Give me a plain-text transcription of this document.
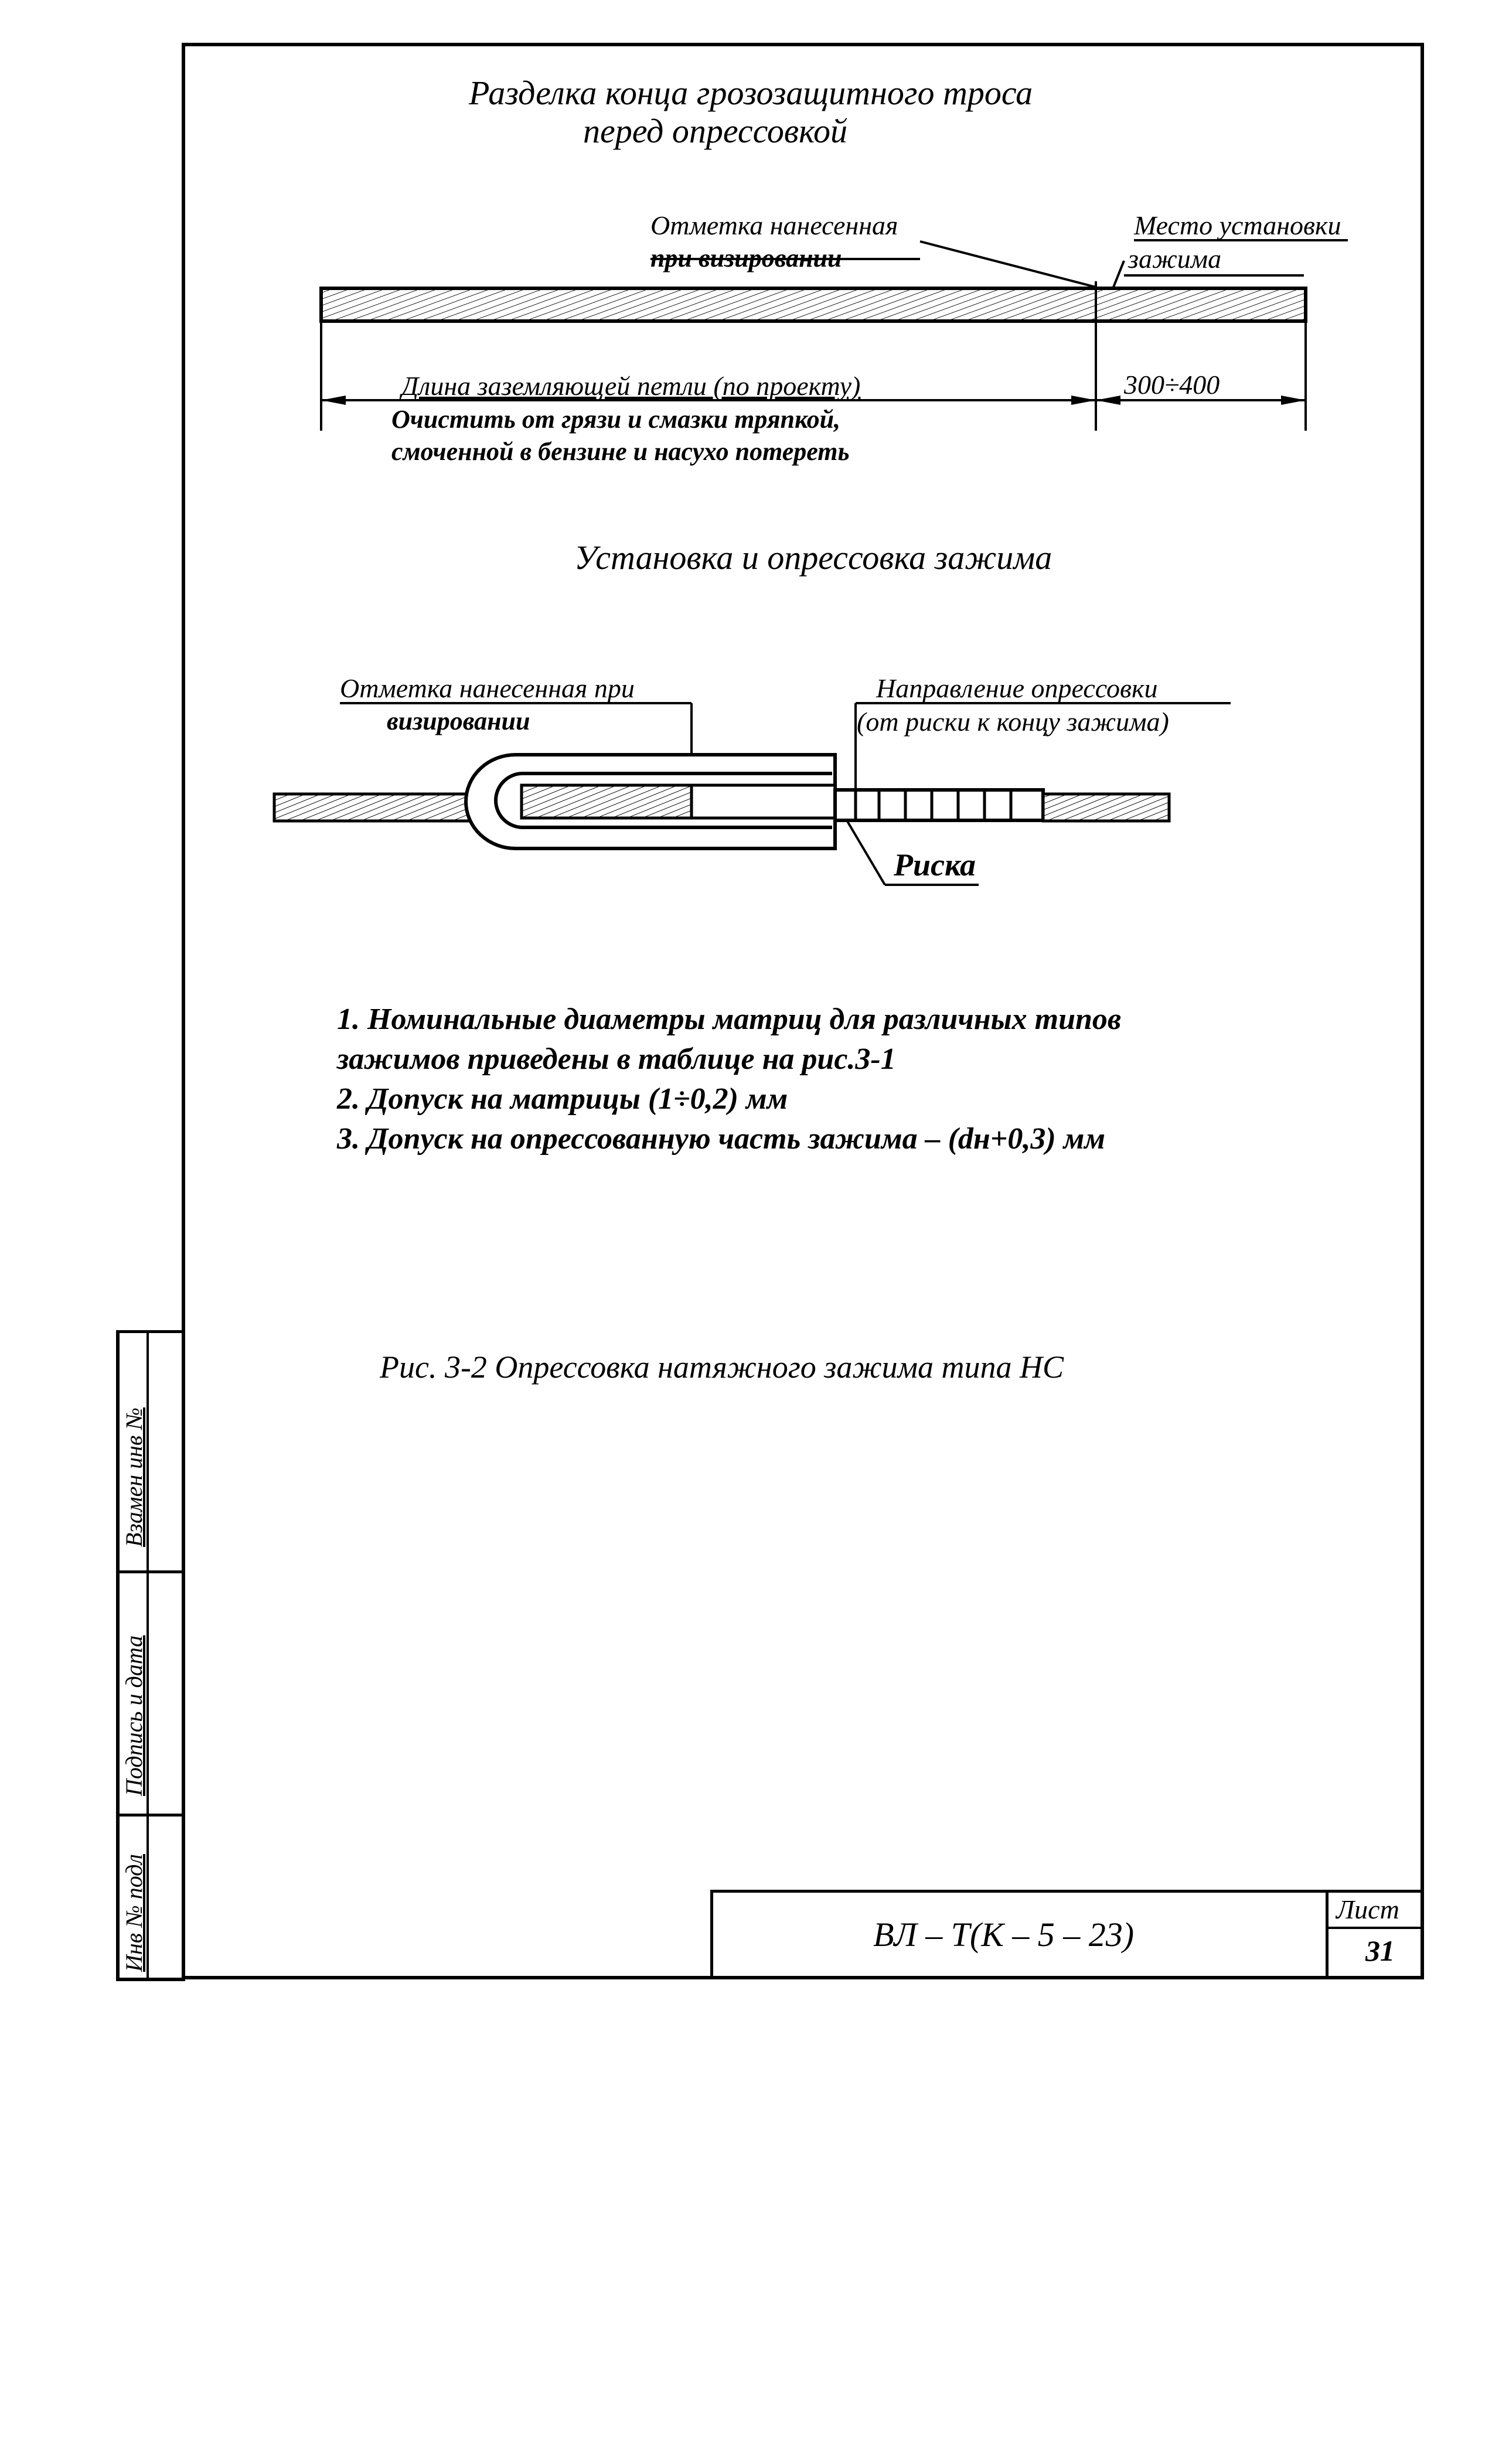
Взамен инв №
Подпись и дата
Инв № подл
Разделка конца грозозащитного троса
перед опрессовкой
Отметка нанесенная
при визировании
Место установки
зажима
Длина заземляющей петли (по проекту)	300÷400
Очистить от грязи и смазки тряпкой,
смоченной в бензине и насухо потереть
Установка и опрессовка зажима
Отметка нанесенная при
визировании
Направление опрессовки
(от риски к концу зажима)
Риска
1. Номинальные диаметры матриц для различных типов
зажимов приведены в таблице на рис.3-1
2. Допуск на матрицы (1÷0,2) мм
3. Допуск на опрессованную часть зажима – (dн+0,3) мм
Рис. 3-2 Опрессовка натяжного зажима типа НС
ВЛ – Т(К – 5 – 23)
Лист
31
